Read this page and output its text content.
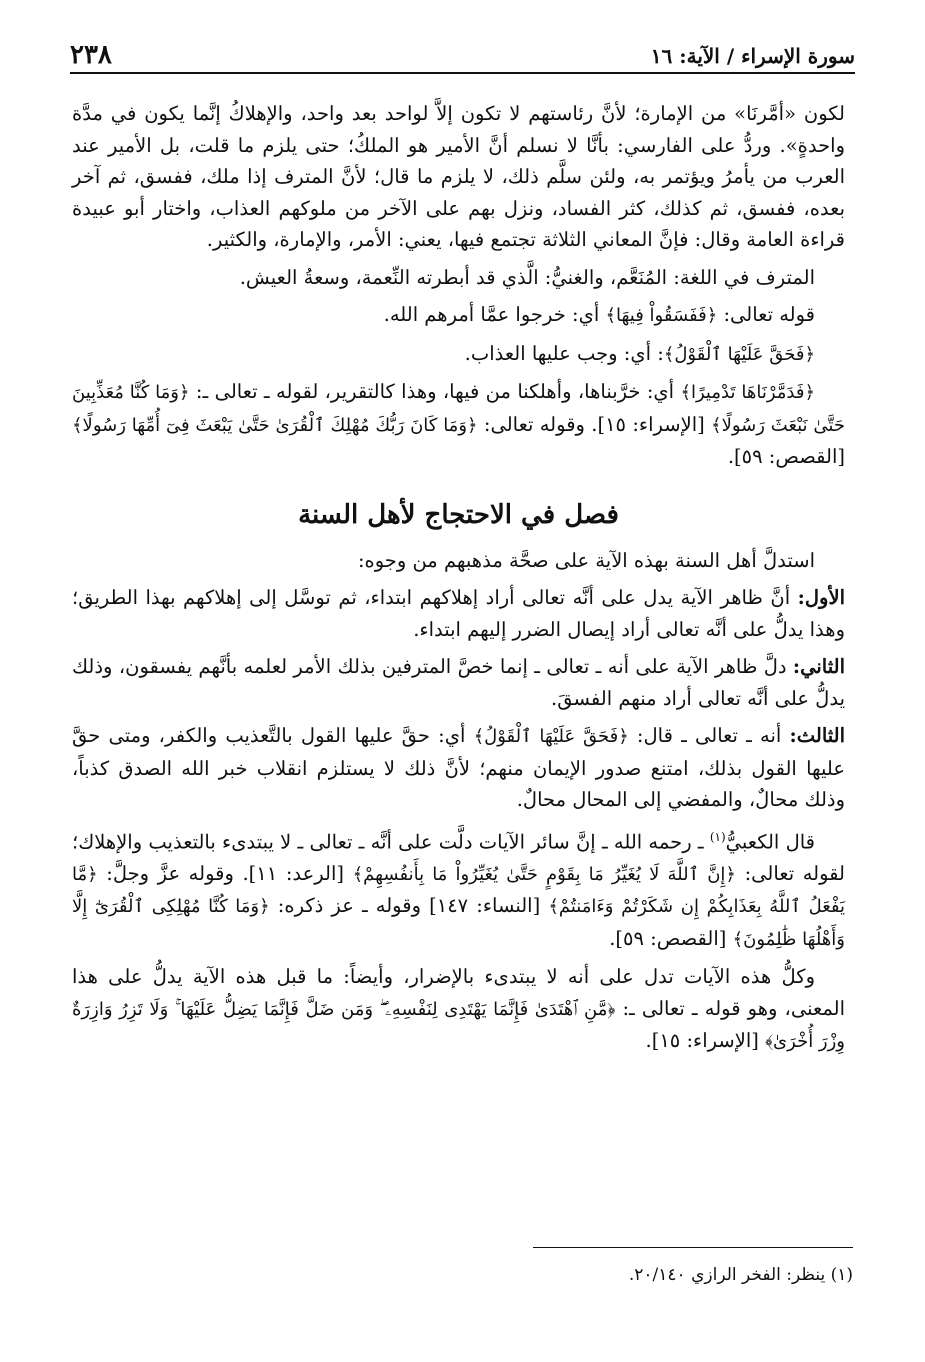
سورة الإسراء / الآية: ١٦
٢٣٨

لكون «أمَّرنَا» من الإمارة؛ لأنَّ رئاستهم لا تكون إلاَّ لواحد بعد واحد، والإهلاكُ إنَّما يكون في مدَّة واحدةٍ». وردُّ على الفارسي: بأنَّا لا نسلم أنَّ الأمير هو الملكُ؛ حتى يلزم ما قلت، بل الأمير عند العرب من يأمرُ ويؤتمر به، ولئن سلَّم ذلك، لا يلزم ما قال؛ لأنَّ المترف إذا ملك، ففسق، ثم آخر بعده، ففسق، ثم كذلك، كثر الفساد، ونزل بهم على الآخر من ملوكهم العذاب، واختار أبو عبيدة قراءة العامة وقال: فإنَّ المعاني الثلاثة تجتمع فيها، يعني: الأمر، والإمارة، والكثير.

المترف في اللغة: المُنَعَّم، والغنيُّ: الَّذي قد أبطرته النِّعمة، وسعةُ العيش.

قوله تعالى: ﴿فَفَسَقُواْ فِيهَا﴾ أي: خرجوا عمَّا أمرهم الله.

﴿فَحَقَّ عَلَيْهَا ٱلْقَوْلُ﴾: أي: وجب عليها العذاب.

﴿فَدَمَّرْنَاهَا تَدْمِيرًا﴾ أي: خرَّبناها، وأهلكنا من فيها، وهذا كالتقرير، لقوله ـ تعالى ـ: ﴿وَمَا كُنَّا مُعَذِّبِينَ حَتَّىٰ نَبْعَثَ رَسُولًا﴾ [الإسراء: ١٥]. وقوله تعالى: ﴿وَمَا كَانَ رَبُّكَ مُهْلِكَ ٱلْقُرَىٰ حَتَّىٰ يَبْعَثَ فِىٓ أُمِّهَا رَسُولًا﴾ [القصص: ٥٩].

فصل في الاحتجاج لأهل السنة

استدلَّ أهل السنة بهذه الآية على صحَّة مذهبهم من وجوه:

الأول: أنَّ ظاهر الآية يدل على أنَّه تعالى أراد إهلاكهم ابتداء، ثم توسَّل إلى إهلاكهم بهذا الطريق؛ وهذا يدلُّ على أنَّه تعالى أراد إيصال الضرر إليهم ابتداء.

الثاني: دلَّ ظاهر الآية على أنه ـ تعالى ـ إنما خصَّ المترفين بذلك الأمر لعلمه بأنَّهم يفسقون، وذلك يدلُّ على أنَّه تعالى أراد منهم الفسقَ.

الثالث: أنه ـ تعالى ـ قال: ﴿فَحَقَّ عَلَيْهَا ٱلْقَوْلُ﴾ أي: حقَّ عليها القول بالتَّعذيب والكفر، ومتى حقَّ عليها القول بذلك، امتنع صدور الإيمان منهم؛ لأنَّ ذلك لا يستلزم انقلاب خبر الله الصدق كذباً، وذلك محالٌ، والمفضي إلى المحال محالٌ.

قال الكعبيُّ$^{(١)}$ ـ رحمه الله ـ إنَّ سائر الآيات دلَّت على أنَّه ـ تعالى ـ لا يبتدىء بالتعذيب والإهلاك؛ لقوله تعالى: ﴿إِنَّ ٱللَّهَ لَا يُغَيِّرُ مَا بِقَوْمٍ حَتَّىٰ يُغَيِّرُواْ مَا بِأَنفُسِهِمْ﴾ [الرعد: ١١]. وقوله عزَّ وجلَّ: ﴿مَّا يَفْعَلُ ٱللَّهُ بِعَذَابِكُمْ إِن شَكَرْتُمْ وَءَامَنتُمْ﴾ [النساء: ١٤٧] وقوله ـ عز ذكره: ﴿وَمَا كُنَّا مُهْلِكِى ٱلْقُرَىٰٓ إِلَّا وَأَهْلُهَا ظَٰلِمُونَ﴾ [القصص: ٥٩].

وكلُّ هذه الآيات تدل على أنه لا يبتدىء بالإضرار، وأيضاً: ما قبل هذه الآية يدلُّ على هذا المعنى، وهو قوله ـ تعالى ـ: ﴿مَّنِ ٱهْتَدَىٰ فَإِنَّمَا يَهْتَدِى لِنَفْسِهِۦ ۖ وَمَن ضَلَّ فَإِنَّمَا يَضِلُّ عَلَيْهَا ۚ وَلَا تَزِرُ وَازِرَةٌ وِزْرَ أُخْرَىٰ﴾ [الإسراء: ١٥].

(١) ينظر: الفخر الرازي ٢٠/١٤٠.
